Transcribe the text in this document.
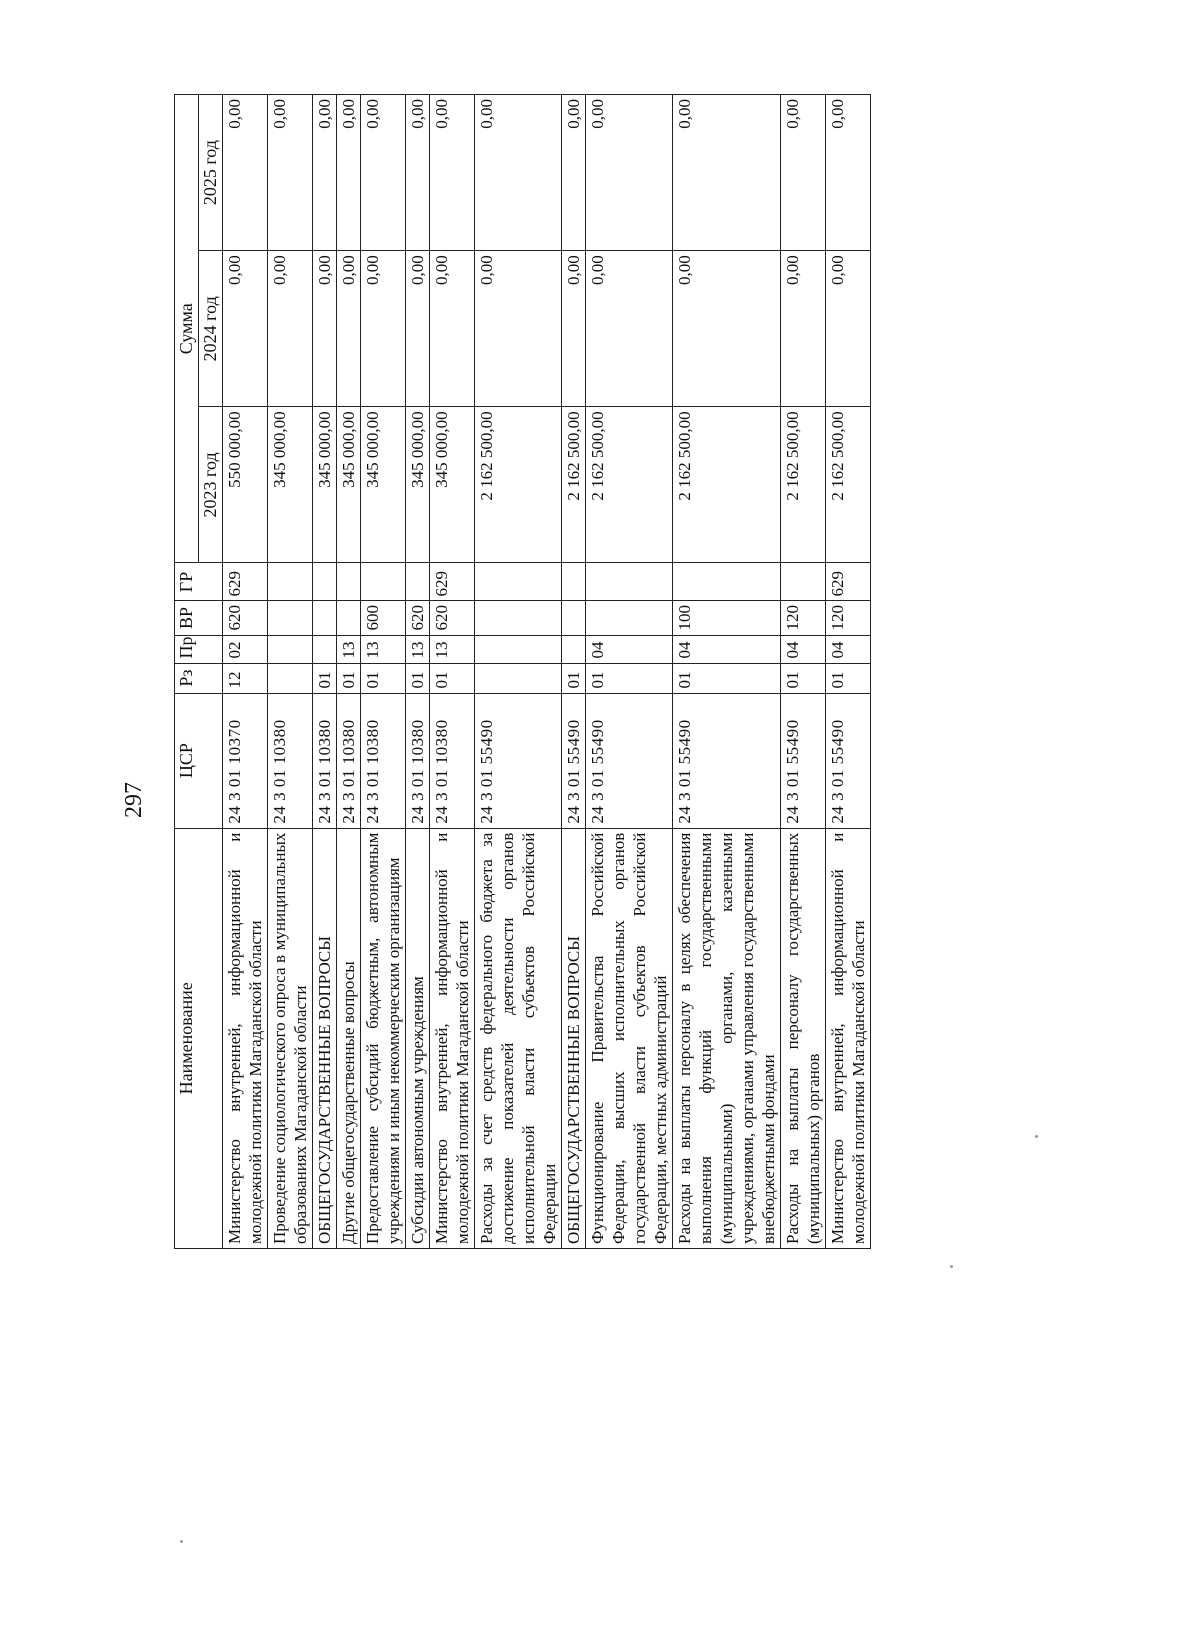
297
Наименование	ЦСР	Рз	Пр	ВР	ГР	Сумма		
						2023 год	2024 год	2025 год
Министерство внутренней, информационной и молодежной политики Магаданской области	24 3 01 10370	12	02	620	629	550 000,00	0,00	0,00
Проведение социологического опроса в муниципальных образованиях Магаданской области	24 3 01 10380					345 000,00	0,00	0,00
ОБЩЕГОСУДАРСТВЕННЫЕ ВОПРОСЫ	24 3 01 10380	01				345 000,00	0,00	0,00
Другие общегосударственные вопросы	24 3 01 10380	01	13			345 000,00	0,00	0,00
Предоставление субсидий бюджетным, автономным учреждениям и иным некоммерческим организациям	24 3 01 10380	01	13	600		345 000,00	0,00	0,00
Субсидии автономным учреждениям	24 3 01 10380	01	13	620		345 000,00	0,00	0,00
Министерство внутренней, информационной и молодежной политики Магаданской области	24 3 01 10380	01	13	620	629	345 000,00	0,00	0,00
Расходы за счет средств федерального бюджета за достижение показателей деятельности органов исполнительной власти субъектов Российской Федерации	24 3 01 55490					2 162 500,00	0,00	0,00
ОБЩЕГОСУДАРСТВЕННЫЕ ВОПРОСЫ	24 3 01 55490	01				2 162 500,00	0,00	0,00
Функционирование Правительства Российской Федерации, высших исполнительных органов государственной власти субъектов Российской Федерации, местных администраций	24 3 01 55490	01	04			2 162 500,00	0,00	0,00
Расходы на выплаты персоналу в целях обеспечения выполнения функций государственными (муниципальными) органами, казенными учреждениями, органами управления государственными внебюджетными фондами	24 3 01 55490	01	04	100		2 162 500,00	0,00	0,00
Расходы на выплаты персоналу государственных (муниципальных) органов	24 3 01 55490	01	04	120		2 162 500,00	0,00	0,00
Министерство внутренней, информационной и молодежной политики Магаданской области	24 3 01 55490	01	04	120	629	2 162 500,00	0,00	0,00
